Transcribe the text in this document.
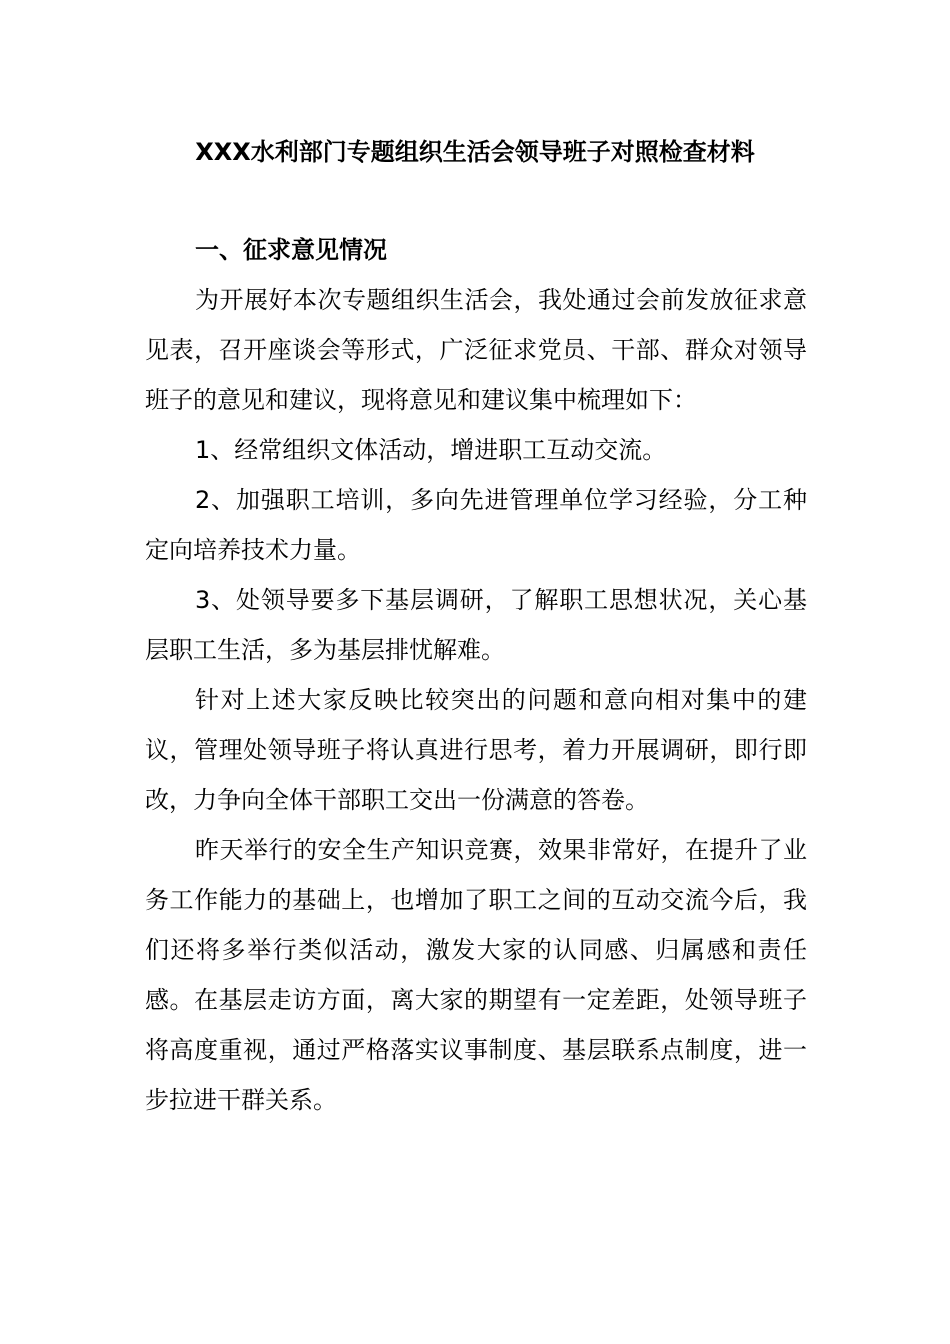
XXX水利部门专题组织生活会领导班子对照检查材料

一、征求意见情况

为开展好本次专题组织生活会，我处通过会前发放征求意见表，召开座谈会等形式，广泛征求党员、干部、群众对领导班子的意见和建议，现将意见和建议集中梳理如下：

1、经常组织文体活动，增进职工互动交流。

2、加强职工培训，多向先进管理单位学习经验，分工种定向培养技术力量。

3、处领导要多下基层调研，了解职工思想状况，关心基层职工生活，多为基层排忧解难。

针对上述大家反映比较突出的问题和意向相对集中的建议，管理处领导班子将认真进行思考，着力开展调研，即行即改，力争向全体干部职工交出一份满意的答卷。

昨天举行的安全生产知识竞赛，效果非常好，在提升了业务工作能力的基础上，也增加了职工之间的互动交流今后，我们还将多举行类似活动，激发大家的认同感、归属感和责任感。在基层走访方面，离大家的期望有一定差距，处领导班子将高度重视，通过严格落实议事制度、基层联系点制度，进一步拉进干群关系。
